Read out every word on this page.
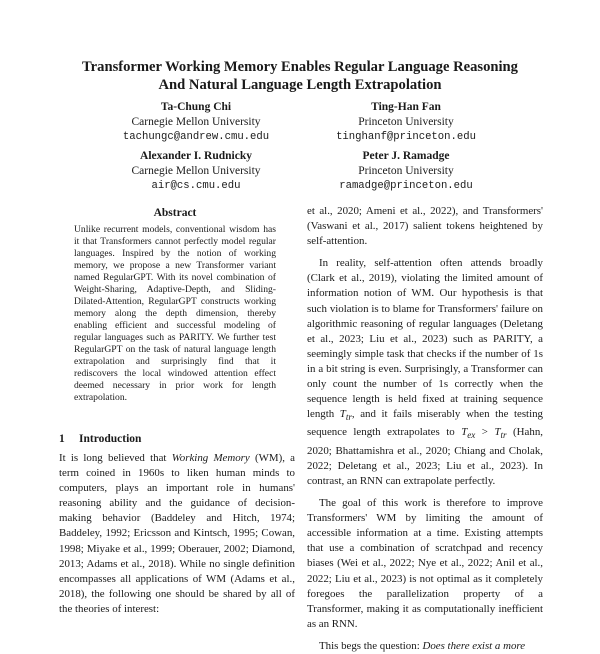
Transformer Working Memory Enables Regular Language Reasoning
And Natural Language Length Extrapolation
Ta-Chung Chi
Carnegie Mellon University
tachungc@andrew.cmu.edu
Ting-Han Fan
Princeton University
tinghanf@princeton.edu
Alexander I. Rudnicky
Carnegie Mellon University
air@cs.cmu.edu
Peter J. Ramadge
Princeton University
ramadge@princeton.edu
Abstract
Unlike recurrent models, conventional wisdom has it that Transformers cannot perfectly model regular languages. Inspired by the notion of working memory, we propose a new Transformer variant named RegularGPT. With its novel combination of Weight-Sharing, Adaptive-Depth, and Sliding-Dilated-Attention, RegularGPT constructs working memory along the depth dimension, thereby enabling efficient and successful modeling of regular languages such as PARITY. We further test RegularGPT on the task of natural language length extrapolation and surprisingly find that it rediscovers the local windowed attention effect deemed necessary in prior work for length extrapolation.
1 Introduction

It is long believed that Working Memory (WM), a term coined in 1960s to liken human minds to computers, plays an important role in humans' reasoning ability and the guidance of decision-making behavior (Baddeley and Hitch, 1974; Baddeley, 1992; Ericsson and Kintsch, 1995; Cowan, 1998; Miyake et al., 1999; Oberauer, 2002; Diamond, 2013; Adams et al., 2018). While no single definition encompasses all applications of WM (Adams et al., 2018), the following one should be shared by all of the theories of interest:

et al., 2020; Ameni et al., 2022), and Transformers' (Vaswani et al., 2017) salient tokens heightened by self-attention.

In reality, self-attention often attends broadly (Clark et al., 2019), violating the limited amount of information notion of WM. Our hypothesis is that such violation is to blame for Transformers' failure on algorithmic reasoning of regular languages (Deletang et al., 2023; Liu et al., 2023) such as PARITY, a seemingly simple task that checks if the number of 1s in a bit string is even. Surprisingly, a Transformer can only count the number of 1s correctly when the sequence length is held fixed at training sequence length $T_{tr}$, and it fails miserably when the testing sequence length extrapolates to $T_{ex} > T_{tr}$ (Hahn, 2020; Bhattamishra et al., 2020; Chiang and Cholak, 2022; Deletang et al., 2023; Liu et al., 2023). In contrast, an RNN can extrapolate perfectly.

The goal of this work is therefore to improve Transformers' WM by limiting the amount of accessible information at a time. Existing attempts that use a combination of scratchpad and recency biases (Wei et al., 2022; Nye et al., 2022; Anil et al., 2022; Liu et al., 2023) is not optimal as it completely foregoes the parallelization property of a Transformer, making it as computationally inefficient as an RNN.

This begs the question: Does there exist a more
